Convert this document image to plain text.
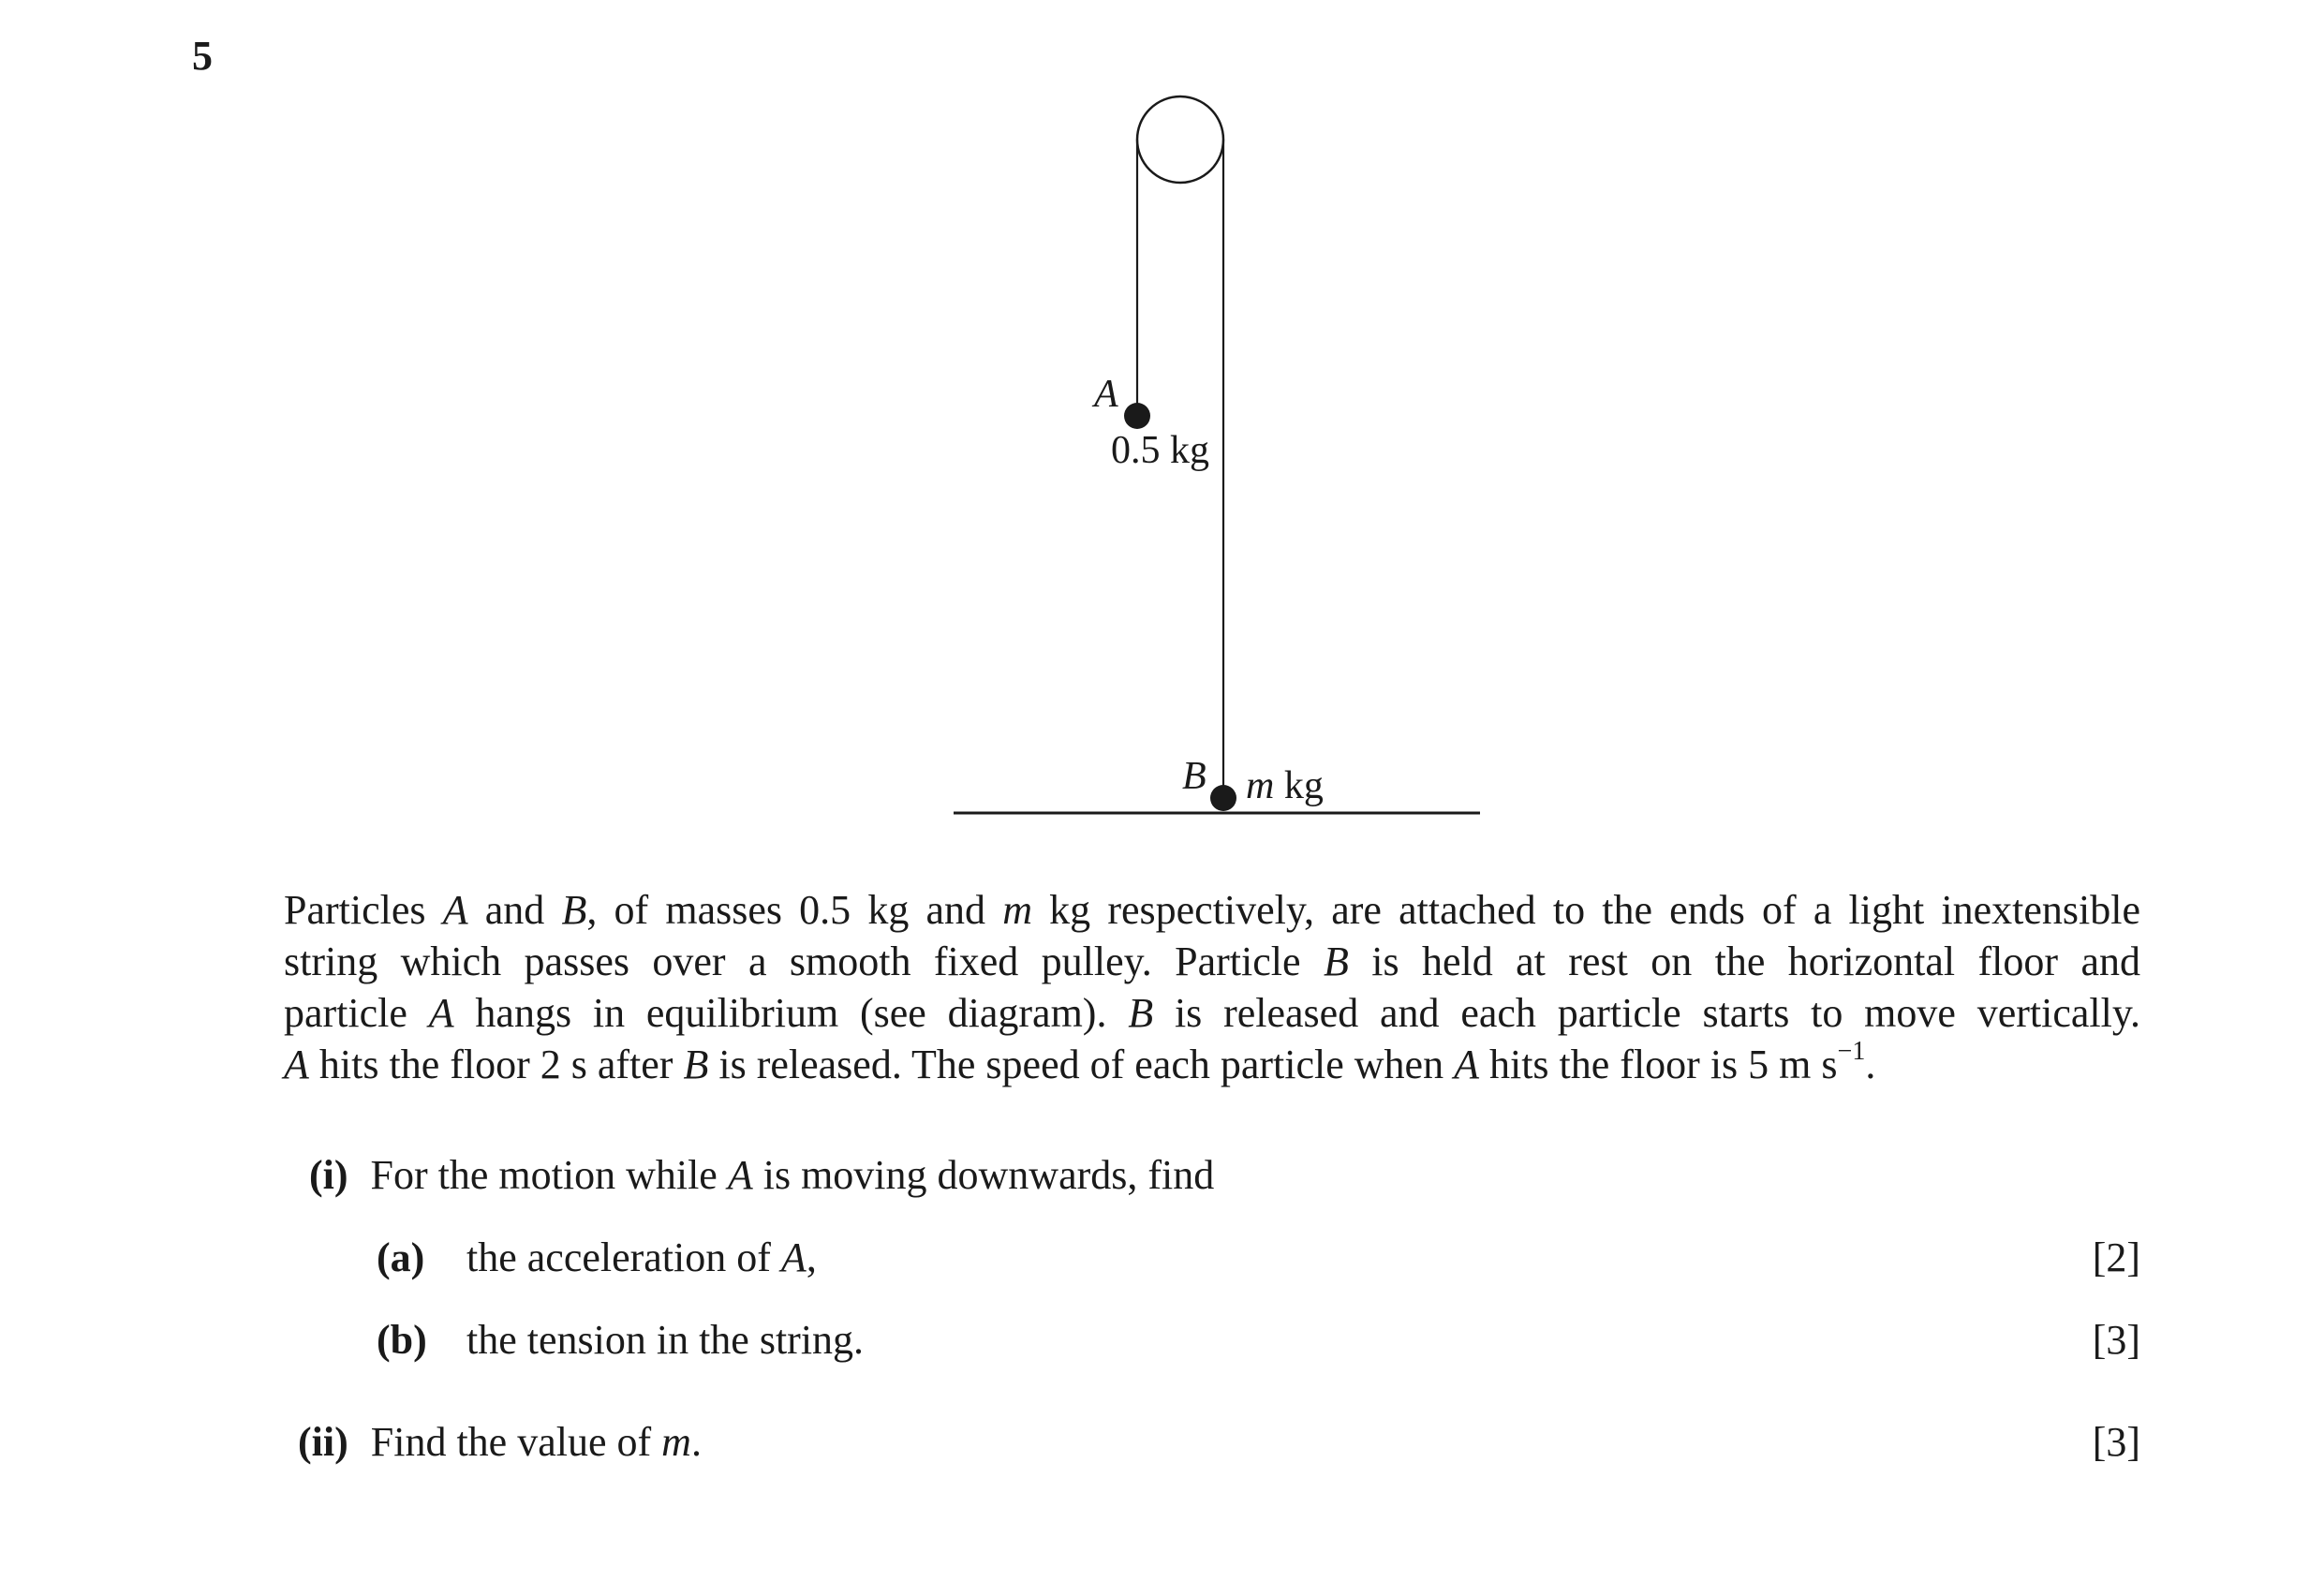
5
A
0.5 kg
B m kg
Particles A and B, of masses 0.5 kg and m kg respectively, are attached to the ends of a light inextensible
string which passes over a smooth fixed pulley. Particle B is held at rest on the horizontal floor and
particle A hangs in equilibrium (see diagram). B is released and each particle starts to move vertically.
A hits the floor 2 s after B is released. The speed of each particle when A hits the floor is 5 m $s^{-1}$.
(i) For the motion while A is moving downwards, find
(a) the acceleration of A,	[2]
(b) the tension in the string.	[3]
(ii) Find the value of m.	[3]
